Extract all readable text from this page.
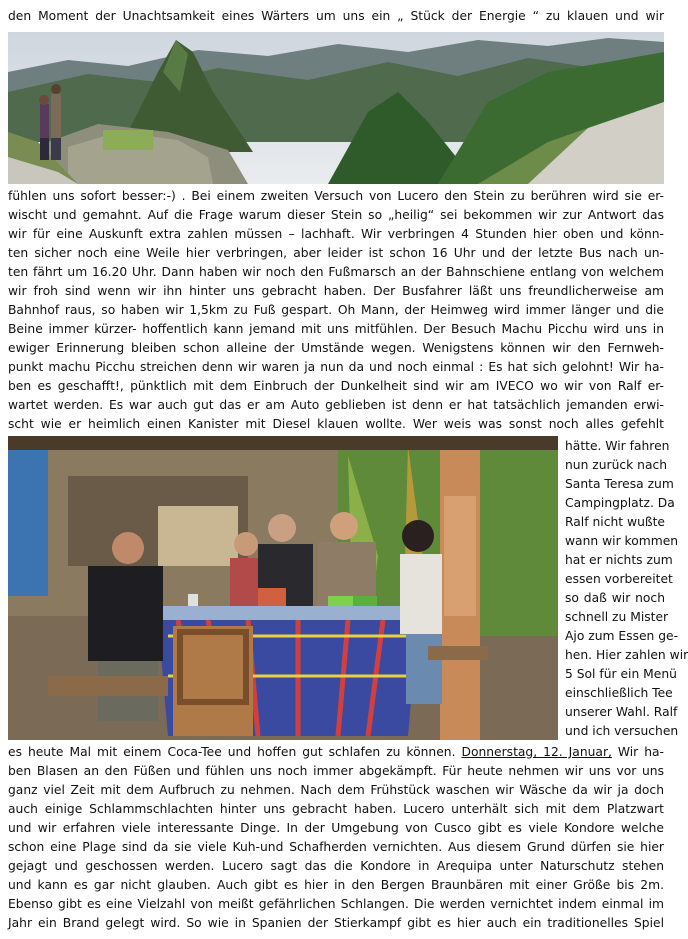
den Moment der Unachtsamkeit eines Wärters um uns ein „ Stück der Energie “ zu klauen und wir
fühlen uns sofort besser:-) . Bei einem zweiten Versuch von Lucero den Stein zu berühren wird sie er-
wischt und gemahnt. Auf die Frage warum dieser Stein so „heilig“ sei bekommen wir zur Antwort das
wir für eine Auskunft extra zahlen müssen – lachhaft. Wir verbringen 4 Stunden hier oben und könn-
ten sicher noch eine Weile hier verbringen, aber leider ist schon 16 Uhr und der letzte Bus nach un-
ten fährt um 16.20 Uhr. Dann haben wir noch den Fußmarsch an der Bahnschiene entlang von welchem
wir froh sind wenn wir ihn hinter uns gebracht haben. Der Busfahrer läßt uns freundlicherweise am
Bahnhof raus, so haben wir 1,5km zu Fuß gespart. Oh Mann, der Heimweg wird immer länger und die
Beine immer kürzer- hoffentlich kann jemand mit uns mitfühlen. Der Besuch Machu Picchu wird uns in
ewiger Erinnerung bleiben schon alleine der Umstände wegen. Wenigstens können wir den Fernweh-
punkt machu Picchu streichen denn wir waren ja nun da und noch einmal : Es hat sich gelohnt! Wir ha-
ben es geschafft!, pünktlich mit dem Einbruch der Dunkelheit sind wir am IVECO wo wir von Ralf er-
wartet werden. Es war auch gut das er am Auto geblieben ist denn er hat tatsächlich jemanden erwi-
scht wie er heimlich einen Kanister mit Diesel klauen wollte. Wer weis was sonst noch alles gefehlt
hätte. Wir fahren
nun zurück nach
Santa Teresa zum
Campingplatz. Da
Ralf nicht wußte
wann wir kommen
hat er nichts zum
essen vorbereitet
so daß wir noch
schnell zu Mister
Ajo zum Essen ge-
hen. Hier zahlen wir
5 Sol für ein Menü
einschließlich Tee
unserer Wahl. Ralf
und ich versuchen
es heute Mal mit einem Coca-Tee und hoffen gut schlafen zu können. Donnerstag, 12. Januar, Wir ha-
ben Blasen an den Füßen und fühlen uns noch immer abgekämpft. Für heute nehmen wir uns vor uns
ganz viel Zeit mit dem Aufbruch zu nehmen. Nach dem Frühstück waschen wir Wäsche da wir ja doch
auch einige Schlammschlachten hinter uns gebracht haben. Lucero unterhält sich mit dem Platzwart
und wir erfahren viele interessante Dinge. In der Umgebung von Cusco gibt es viele Kondore welche
schon eine Plage sind da sie viele Kuh-und Schafherden vernichten. Aus diesem Grund dürfen sie hier
gejagt und geschossen werden. Lucero sagt das die Kondore in Arequipa unter Naturschutz stehen
und kann es gar nicht glauben. Auch gibt es hier in den Bergen Braunbären mit einer Größe bis 2m.
Ebenso gibt es eine Vielzahl von meißt gefährlichen Schlangen. Die werden vernichtet indem einmal im
Jahr ein Brand gelegt wird. So wie in Spanien der Stierkampf gibt es hier auch ein traditionelles Spiel
